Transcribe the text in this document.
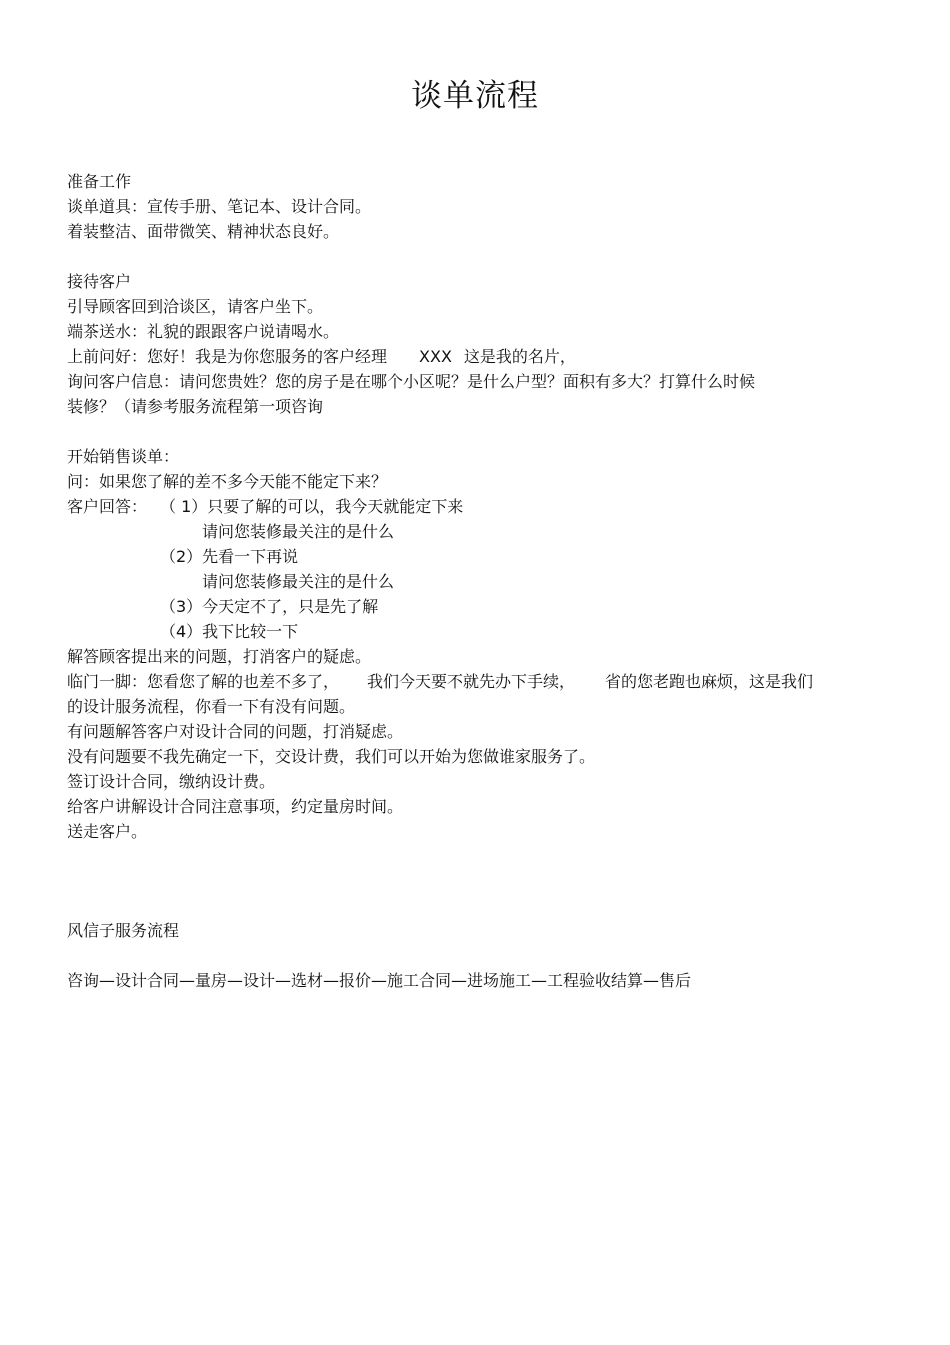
谈单流程
准备工作
谈单道具：宣传手册、笔记本、设计合同。
着装整洁、面带微笑、精神状态良好。
接待客户
引导顾客回到洽谈区，请客户坐下。
端茶送水：礼貌的跟跟客户说请喝水。
上前问好：您好！我是为你您服务的客户经理 XXX 这是我的名片，
询问客户信息：请问您贵姓？您的房子是在哪个小区呢？是什么户型？面积有多大？打算什么时候
装修？（请参考服务流程第一项咨询
开始销售谈单：
问：如果您了解的差不多今天能不能定下来？
客户回答： （ 1）只要了解的可以，我今天就能定下来
请问您装修最关注的是什么
（2）先看一下再说
请问您装修最关注的是什么
（3）今天定不了，只是先了解
（4）我下比较一下
解答顾客提出来的问题，打消客户的疑虑。
临门一脚：您看您了解的也差不多了， 我们今天要不就先办下手续， 省的您老跑也麻烦，这是我们
的设计服务流程，你看一下有没有问题。
有问题解答客户对设计合同的问题，打消疑虑。
没有问题要不我先确定一下，交设计费，我们可以开始为您做谁家服务了。
签订设计合同，缴纳设计费。
给客户讲解设计合同注意事项，约定量房时间。
送走客户。
风信子服务流程
咨询—设计合同—量房—设计—选材—报价—施工合同—进场施工—工程验收结算—售后
